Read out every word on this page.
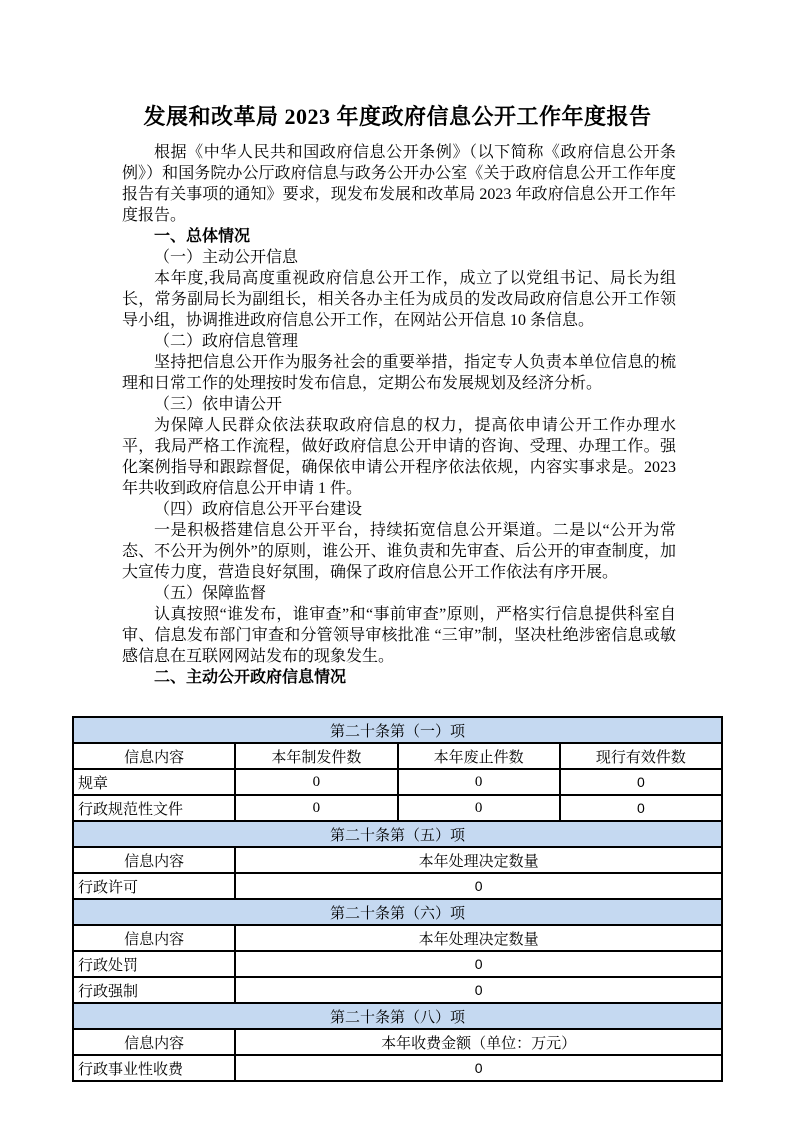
发展和改革局 2023 年度政府信息公开工作年度报告

根据《中华人民共和国政府信息公开条例》（以下简称《政府信息公开条例》）和国务院办公厅政府信息与政务公开办公室《关于政府信息公开工作年度报告有关事项的通知》要求，现发布发展和改革局 2023 年政府信息公开工作年度报告。

一、总体情况

（一）主动公开信息

本年度,我局高度重视政府信息公开工作，成立了以党组书记、局长为组长，常务副局长为副组长，相关各办主任为成员的发改局政府信息公开工作领导小组，协调推进政府信息公开工作，在网站公开信息 10 条信息。

（二）政府信息管理

坚持把信息公开作为服务社会的重要举措，指定专人负责本单位信息的梳理和日常工作的处理按时发布信息，定期公布发展规划及经济分析。

（三）依申请公开

为保障人民群众依法获取政府信息的权力，提高依申请公开工作办理水平，我局严格工作流程，做好政府信息公开申请的咨询、受理、办理工作。强化案例指导和跟踪督促，确保依申请公开程序依法依规，内容实事求是。2023 年共收到政府信息公开申请 1 件。

（四）政府信息公开平台建设

一是积极搭建信息公开平台，持续拓宽信息公开渠道。二是以“公开为常态、不公开为例外”的原则，谁公开、谁负责和先审查、后公开的审查制度，加大宣传力度，营造良好氛围，确保了政府信息公开工作依法有序开展。

（五）保障监督

认真按照“谁发布，谁审查”和“事前审查”原则，严格实行信息提供科室自审、信息发布部门审查和分管领导审核批准 “三审”制，坚决杜绝涉密信息或敏感信息在互联网网站发布的现象发生。

二、主动公开政府信息情况

第二十条第（一）项			
信息内容	本年制发件数	本年废止件数	现行有效件数
规章	0	0	0
行政规范性文件	0	0	0
第二十条第（五）项			
信息内容	本年处理决定数量		
行政许可	0		
第二十条第（六）项			
信息内容	本年处理决定数量		
行政处罚	0		
行政强制	0		
第二十条第（八）项			
信息内容	本年收费金额（单位：万元）		
行政事业性收费	0		
